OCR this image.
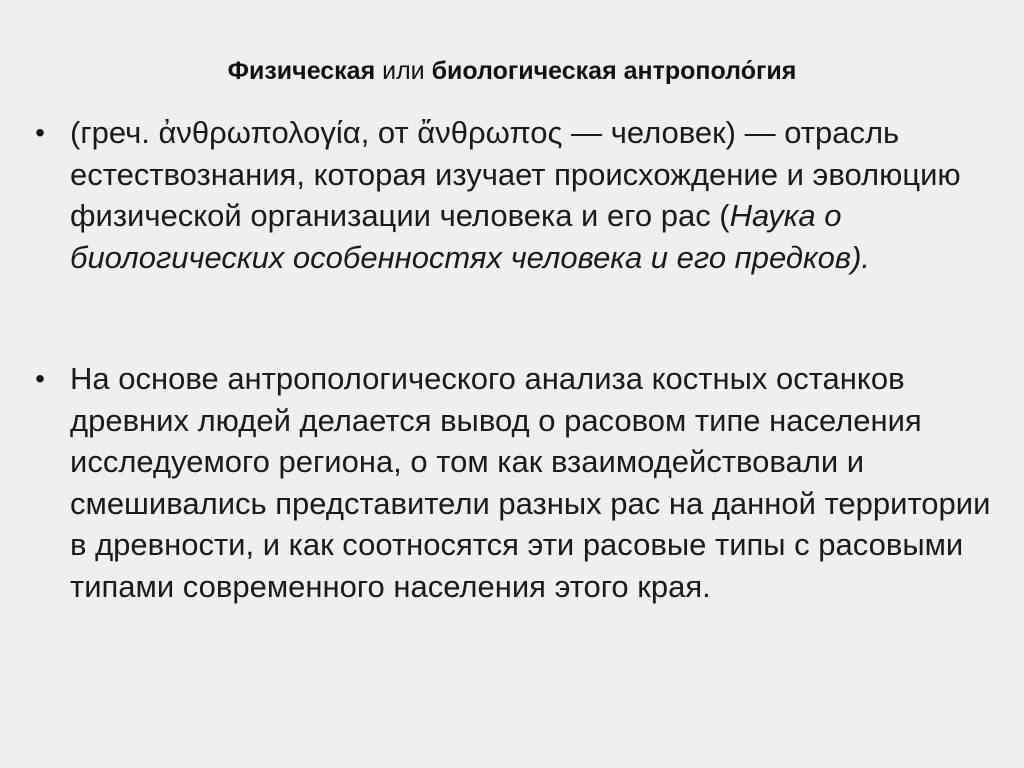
Физическая или биологическая антрополо́гия
• (греч. ἀνθρωπολογία, от ἄνθρωπος — человек) — отрасль естествознания, которая изучает происхождение и эволюцию физической организации человека и его рас (Наука о биологических особенностях человека и его предков).
• На основе антропологического анализа костных останков древних людей делается вывод о расовом типе населения исследуемого региона, о том как взаимодействовали и смешивались представители разных рас на данной территории в древности, и как соотносятся эти расовые типы с расовыми типами современного населения этого края.
